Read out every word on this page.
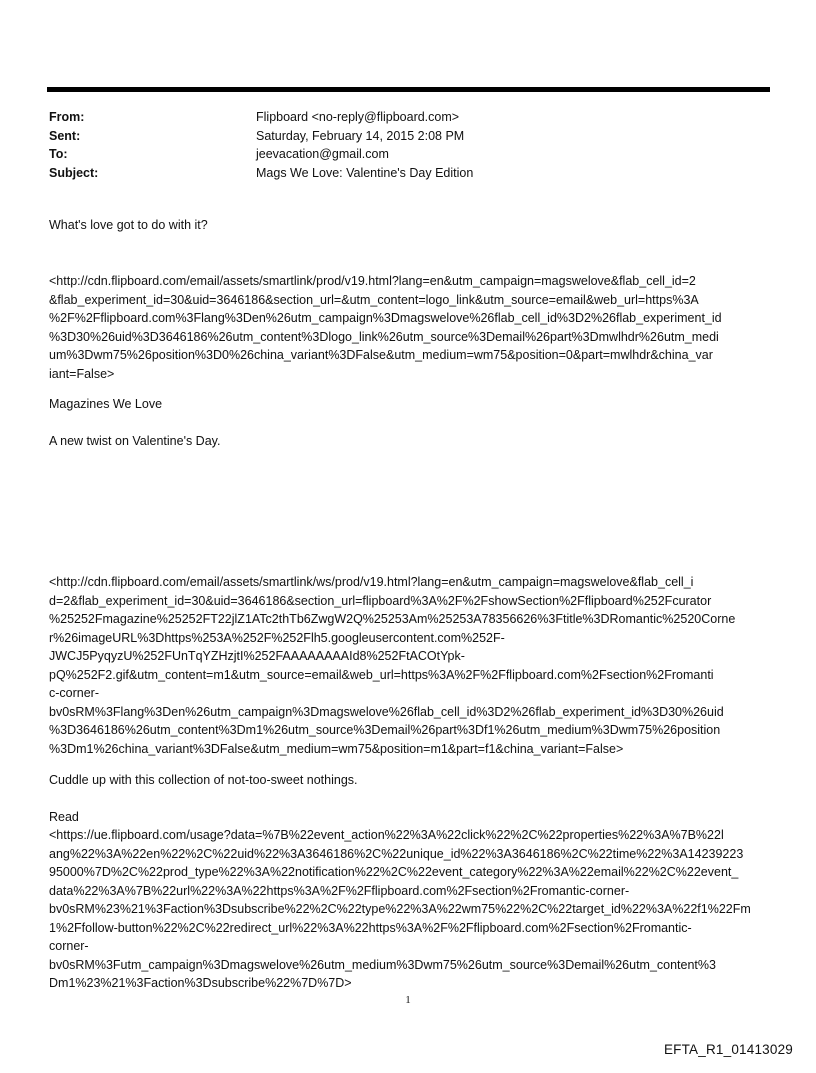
From:	Flipboard <no-reply@flipboard.com>
Sent:	Saturday, February 14, 2015 2:08 PM
To:	jeevacation@gmail.com
Subject:	Mags We Love: Valentine's Day Edition
What's love got to do with it?
<http://cdn.flipboard.com/email/assets/smartlink/prod/v19.html?lang=en&utm_campaign=magswelove&flab_cell_id=2
&flab_experiment_id=30&uid=3646186&section_url=&utm_content=logo_link&utm_source=email&web_url=https%3A
%2F%2Fflipboard.com%3Flang%3Den%26utm_campaign%3Dmagswelove%26flab_cell_id%3D2%26flab_experiment_id
%3D30%26uid%3D3646186%26utm_content%3Dlogo_link%26utm_source%3Demail%26part%3Dmwlhdr%26utm_medi
um%3Dwm75%26position%3D0%26china_variant%3DFalse&utm_medium=wm75&position=0&part=mwlhdr&china_var
iant=False>
Magazines We Love
A new twist on Valentine's Day.
<http://cdn.flipboard.com/email/assets/smartlink/ws/prod/v19.html?lang=en&utm_campaign=magswelove&flab_cell_i
d=2&flab_experiment_id=30&uid=3646186&section_url=flipboard%3A%2F%2FshowSection%2Fflipboard%252Fcurator
%25252Fmagazine%25252FT22jlZ1ATc2thTb6ZwgW2Q%25253Am%25253A78356626%3Ftitle%3DRomantic%2520Corne
r%26imageURL%3Dhttps%253A%252F%252Flh5.googleusercontent.com%252F-
JWCJ5PyqyzU%252FUnTqYZHzjtI%252FAAAAAAAAId8%252FtACOtYpk-
pQ%252F2.gif&utm_content=m1&utm_source=email&web_url=https%3A%2F%2Fflipboard.com%2Fsection%2Fromanti
c-corner-
bv0sRM%3Flang%3Den%26utm_campaign%3Dmagswelove%26flab_cell_id%3D2%26flab_experiment_id%3D30%26uid
%3D3646186%26utm_content%3Dm1%26utm_source%3Demail%26part%3Df1%26utm_medium%3Dwm75%26position
%3Dm1%26china_variant%3DFalse&utm_medium=wm75&position=m1&part=f1&china_variant=False>
Cuddle up with this collection of not-too-sweet nothings.
Read
<https://ue.flipboard.com/usage?data=%7B%22event_action%22%3A%22click%22%2C%22properties%22%3A%7B%22l
ang%22%3A%22en%22%2C%22uid%22%3A3646186%2C%22unique_id%22%3A3646186%2C%22time%22%3A14239223
95000%7D%2C%22prod_type%22%3A%22notification%22%2C%22event_category%22%3A%22email%22%2C%22event_
data%22%3A%7B%22url%22%3A%22https%3A%2F%2Fflipboard.com%2Fsection%2Fromantic-corner-
bv0sRM%23%21%3Faction%3Dsubscribe%22%2C%22type%22%3A%22wm75%22%2C%22target_id%22%3A%22f1%22Fm
1%2Ffollow-button%22%2C%22redirect_url%22%3A%22https%3A%2F%2Fflipboard.com%2Fsection%2Fromantic-
corner-
bv0sRM%3Futm_campaign%3Dmagswelove%26utm_medium%3Dwm75%26utm_source%3Demail%26utm_content%3
Dm1%23%21%3Faction%3Dsubscribe%22%7D%7D>
1
EFTA_R1_01413029
